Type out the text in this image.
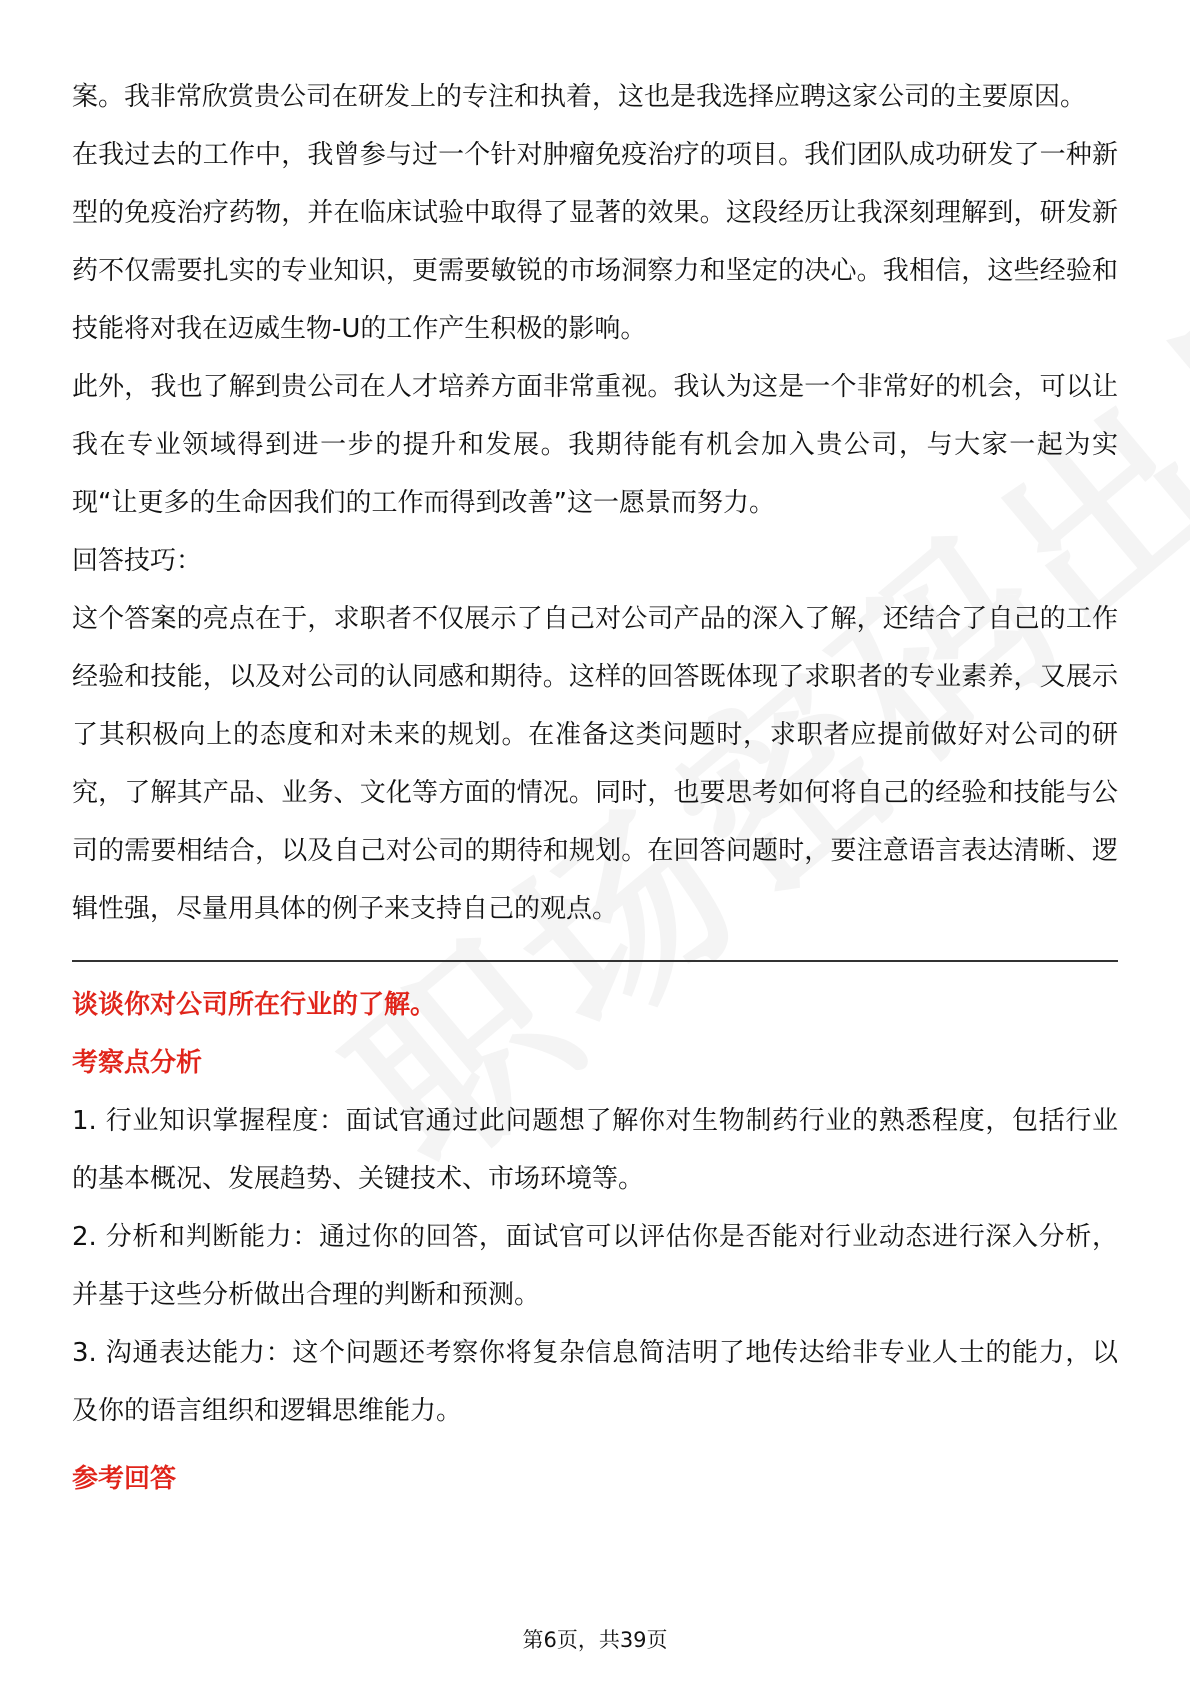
案。我非常欣赏贵公司在研发上的专注和执着，这也是我选择应聘这家公司的主要原因。

在我过去的工作中，我曾参与过一个针对肿瘤免疫治疗的项目。我们团队成功研发了一种新型的免疫治疗药物，并在临床试验中取得了显著的效果。这段经历让我深刻理解到，研发新药不仅需要扎实的专业知识，更需要敏锐的市场洞察力和坚定的决心。我相信，这些经验和技能将对我在迈威生物-U的工作产生积极的影响。

此外，我也了解到贵公司在人才培养方面非常重视。我认为这是一个非常好的机会，可以让我在专业领域得到进一步的提升和发展。我期待能有机会加入贵公司，与大家一起为实现“让更多的生命因我们的工作而得到改善”这一愿景而努力。

回答技巧：

这个答案的亮点在于，求职者不仅展示了自己对公司产品的深入了解，还结合了自己的工作经验和技能，以及对公司的认同感和期待。这样的回答既体现了求职者的专业素养，又展示了其积极向上的态度和对未来的规划。在准备这类问题时，求职者应提前做好对公司的研究，了解其产品、业务、文化等方面的情况。同时，也要思考如何将自己的经验和技能与公司的需要相结合，以及自己对公司的期待和规划。在回答问题时，要注意语言表达清晰、逻辑性强，尽量用具体的例子来支持自己的观点。

谈谈你对公司所在行业的了解。

考察点分析

1. 行业知识掌握程度：面试官通过此问题想了解你对生物制药行业的熟悉程度，包括行业的基本概况、发展趋势、关键技术、市场环境等。

2. 分析和判断能力：通过你的回答，面试官可以评估你是否能对行业动态进行深入分析，并基于这些分析做出合理的判断和预测。

3. 沟通表达能力：这个问题还考察你将复杂信息简洁明了地传达给非专业人士的能力，以及你的语言组织和逻辑思维能力。

参考回答

第6页，共39页
